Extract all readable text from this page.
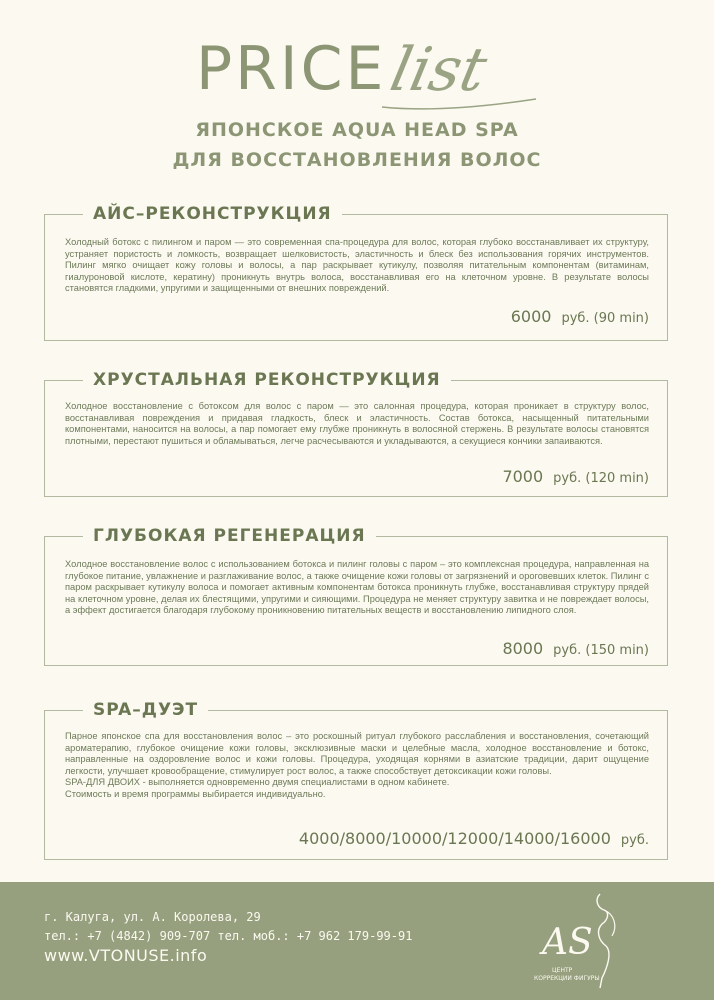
PRICE
list
ЯПОНСКОЕ AQUA HEAD SPA
ДЛЯ ВОССТАНОВЛЕНИЯ ВОЛОС
АЙС–РЕКОНСТРУКЦИЯ
Холодный ботокс с пилингом и паром — это современная спа-процедура для волос, которая глубоко восстанавливает их структуру, устраняет пористость и ломкость, возвращает шелковистость, эластичность и блеск без использования горячих инструментов. Пилинг мягко очищает кожу головы и волосы, а пар раскрывает кутикулу, позволяя питательным компонентам (витаминам, гиалуроновой кислоте, кератину) проникнуть внутрь волоса, восстанавливая его на клеточном уровне. В результате волосы становятся гладкими, упругими и защищенными от внешних повреждений.
6000 руб. (90 min)
ХРУСТАЛЬНАЯ РЕКОНСТРУКЦИЯ
Холодное восстановление с ботоксом для волос с паром — это салонная процедура, которая проникает в структуру волос, восстанавливая повреждения и придавая гладкость, блеск и эластичность. Состав ботокса, насыщенный питательными компонентами, наносится на волосы, а пар помогает ему глубже проникнуть в волосяной стержень. В результате волосы становятся плотными, перестают пушиться и обламываться, легче расчесываются и укладываются, а секущиеся кончики запаиваются.
7000 руб. (120 min)
ГЛУБОКАЯ РЕГЕНЕРАЦИЯ
Холодное восстановление волос с использованием ботокса и пилинг головы с паром – это комплексная процедура, направленная на глубокое питание, увлажнение и разглаживание волос, а также очищение кожи головы от загрязнений и ороговевших клеток. Пилинг с паром раскрывает кутикулу волоса и помогает активным компонентам ботокса проникнуть глубже, восстанавливая структуру прядей на клеточном уровне, делая их блестящими, упругими и сияющими. Процедура не меняет структуру завитка и не повреждает волосы, а эффект достигается благодаря глубокому проникновению питательных веществ и восстановлению липидного слоя.
8000 руб. (150 min)
SPA–ДУЭТ
Парное японское спа для восстановления волос – это роскошный ритуал глубокого расслабления и восстановления, сочетающий ароматерапию, глубокое очищение кожи головы, эксклюзивные маски и целебные масла, холодное восстановление и ботокс, направленные на оздоровление волос и кожи головы. Процедура, уходящая корнями в азиатские традиции, дарит ощущение легкости, улучшает кровообращение, стимулирует рост волос, а также способствует детоксикации кожи головы.
SPA-ДЛЯ ДВОИХ - выполняется одновременно двумя специалистами в одном кабинете.
Стоимость и время программы выбирается индивидуально.
4000/8000/10000/12000/14000/16000 руб.
г. Калуга, ул. А. Королева, 29
тел.: +7 (4842) 909-707 тел. моб.: +7 962 179-99-91
www.VTONUSE.info	AS
ЦЕНТР
КОРРЕКЦИИ ФИГУРЫ
